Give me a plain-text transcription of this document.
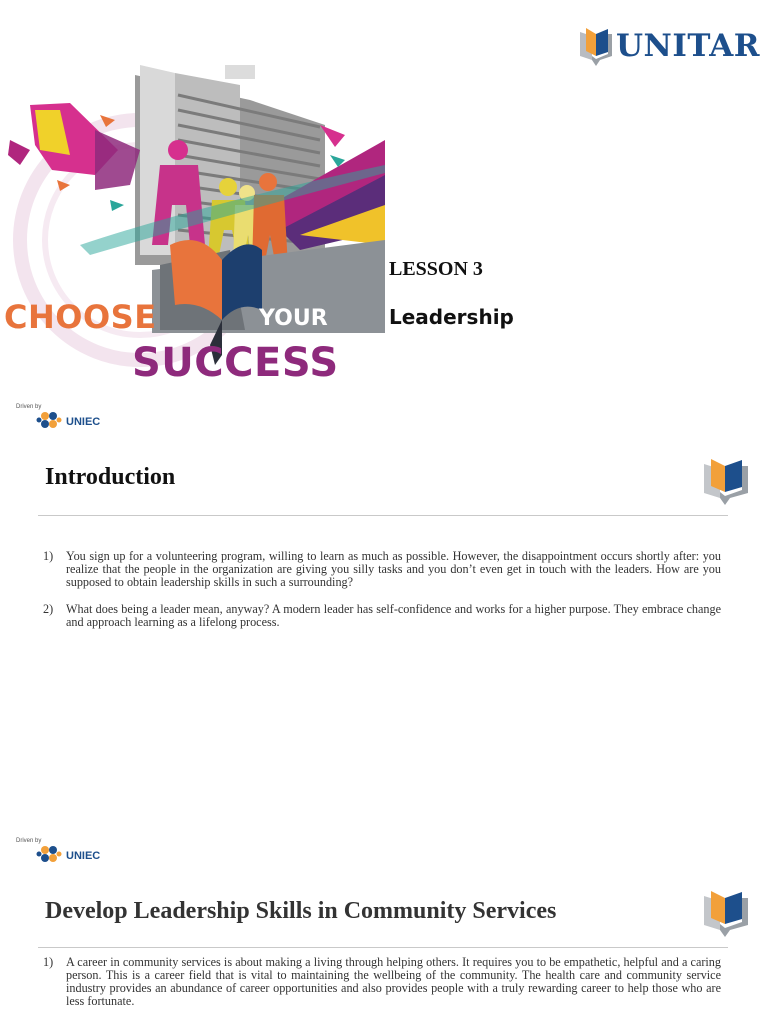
UNITAR
CHOOSE	YOUR
SUCCESS
LESSON 3
Leadership
Driven by
UNIEC
Introduction
1) You sign up for a volunteering program, willing to learn as much as possible. However, the disappointment occurs shortly after: you realize that the people in the organization are giving you silly tasks and you don’t even get in touch with the leaders. How are you supposed to obtain leadership skills in such a surrounding?
2) What does being a leader mean, anyway? A modern leader has self-confidence and works for a higher purpose. They embrace change and approach learning as a lifelong process.
Driven by
UNIEC
Develop Leadership Skills in Community Services
1) A career in community services is about making a living through helping others. It requires you to be empathetic, helpful and a caring person. This is a career field that is vital to maintaining the wellbeing of the community. The health care and community service industry provides an abundance of career opportunities and also provides people with a truly rewarding career to help those who are less fortunate.
